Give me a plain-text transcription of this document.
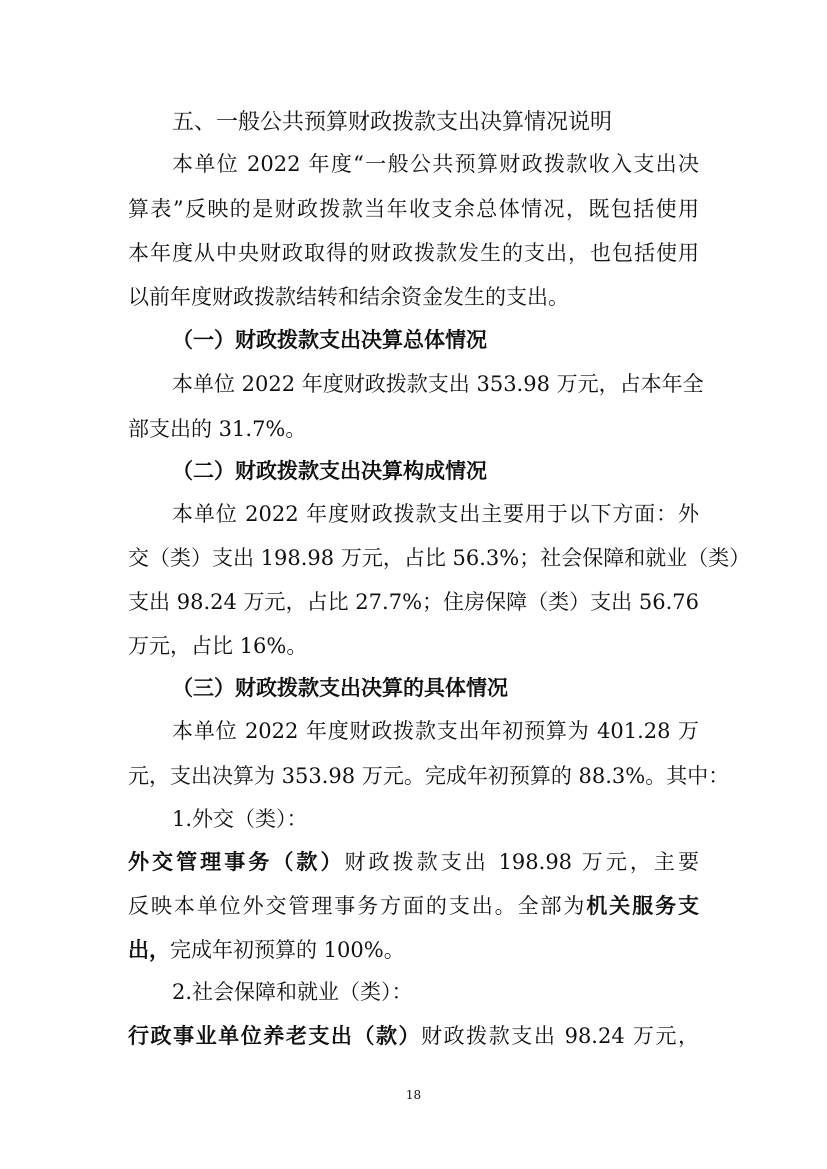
五、一般公共预算财政拨款支出决算情况说明
本单位 2022 年度“一般公共预算财政拨款收入支出决
算表”反映的是财政拨款当年收支余总体情况，既包括使用
本年度从中央财政取得的财政拨款发生的支出，也包括使用
以前年度财政拨款结转和结余资金发生的支出。
（一）财政拨款支出决算总体情况
本单位 2022 年度财政拨款支出 353.98 万元，占本年全
部支出的 31.7%。
（二）财政拨款支出决算构成情况
本单位 2022 年度财政拨款支出主要用于以下方面：外
交（类）支出 198.98 万元，占比 56.3%；社会保障和就业（类）
支出 98.24 万元，占比 27.7%；住房保障（类）支出 56.76
万元，占比 16%。
（三）财政拨款支出决算的具体情况
本单位 2022 年度财政拨款支出年初预算为 401.28 万
元，支出决算为 353.98 万元。完成年初预算的 88.3%。其中：
1.外交（类）：
外交管理事务（款）财政拨款支出 198.98 万元，主要
反映本单位外交管理事务方面的支出。全部为机关服务支
出，完成年初预算的 100%。
2.社会保障和就业（类）：
行政事业单位养老支出（款）财政拨款支出 98.24 万元，
18
